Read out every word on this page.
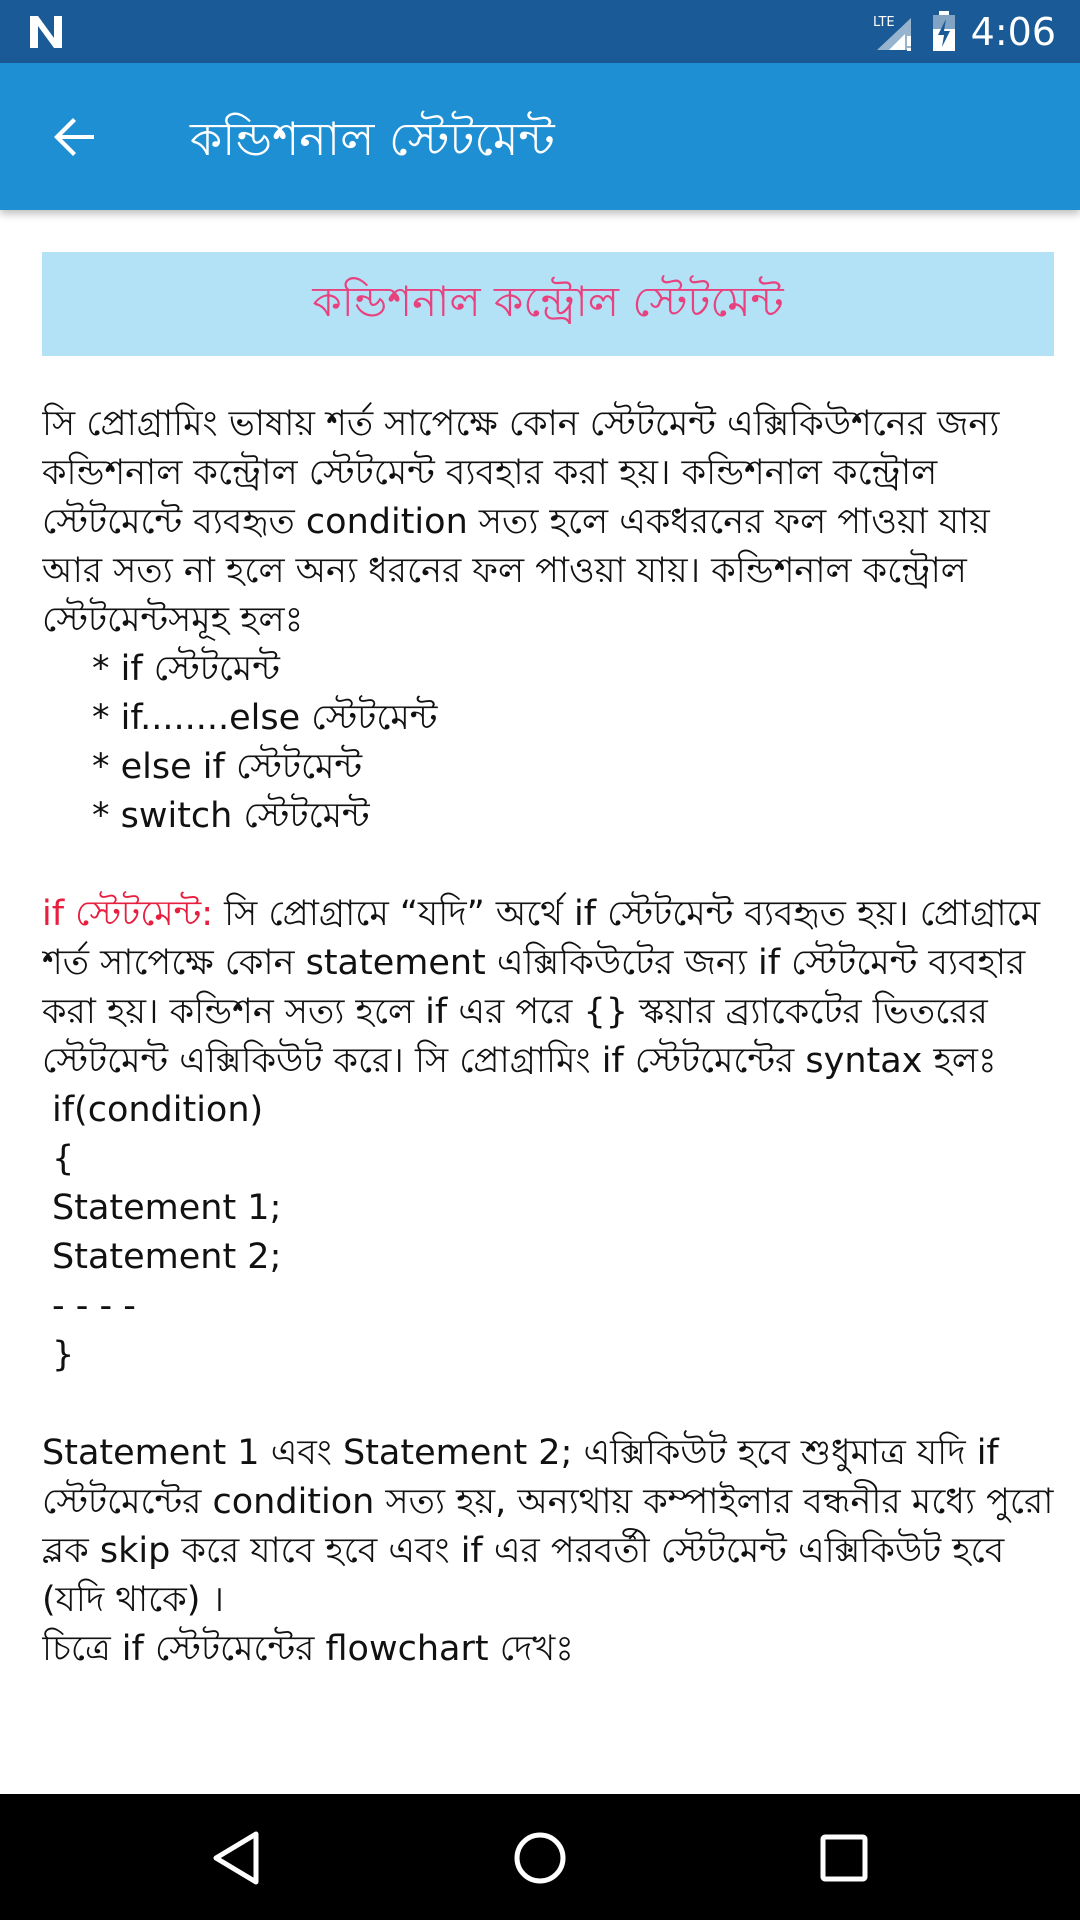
LTE 4:06
কন্ডিশনাল স্টেটমেন্ট
কন্ডিশনাল কন্ট্রোল স্টেটমেন্ট

সি প্রোগ্রামিং ভাষায় শর্ত সাপেক্ষে কোন স্টেটমেন্ট এক্সিকিউশনের জন্য কন্ডিশনাল কন্ট্রোল স্টেটমেন্ট ব্যবহার করা হয়। কন্ডিশনাল কন্ট্রোল স্টেটমেন্টে ব্যবহৃত condition সত্য হলে একধরনের ফল পাওয়া যায় আর সত্য না হলে অন্য ধরনের ফল পাওয়া যায়। কন্ডিশনাল কন্ট্রোল স্টেটমেন্টসমূহ হলঃ

* if স্টেটমেন্ট

* if........else স্টেটমেন্ট

* else if স্টেটমেন্ট

* switch স্টেটমেন্ট

if স্টেটমেন্ট: সি প্রোগ্রামে “যদি” অর্থে if স্টেটমেন্ট ব্যবহৃত হয়। প্রোগ্রামে শর্ত সাপেক্ষে কোন statement এক্সিকিউটের জন্য if স্টেটমেন্ট ব্যবহার করা হয়। কন্ডিশন সত্য হলে if এর পরে {} স্কয়ার ব্র্যাকেটের ভিতরের স্টেটমেন্ট এক্সিকিউট করে। সি প্রোগ্রামিং if স্টেটমেন্টের syntax হলঃ

if(condition)

{

Statement 1;

Statement 2;

- - - -

}

Statement 1 এবং Statement 2; এক্সিকিউট হবে শুধুমাত্র যদি if স্টেটমেন্টের condition সত্য হয়, অন্যথায় কম্পাইলার বন্ধনীর মধ্যে পুরো ব্লক skip করে যাবে হবে এবং if এর পরবর্তী স্টেটমেন্ট এক্সিকিউট হবে (যদি থাকে) ।

চিত্রে if স্টেটমেন্টের flowchart দেখঃ
